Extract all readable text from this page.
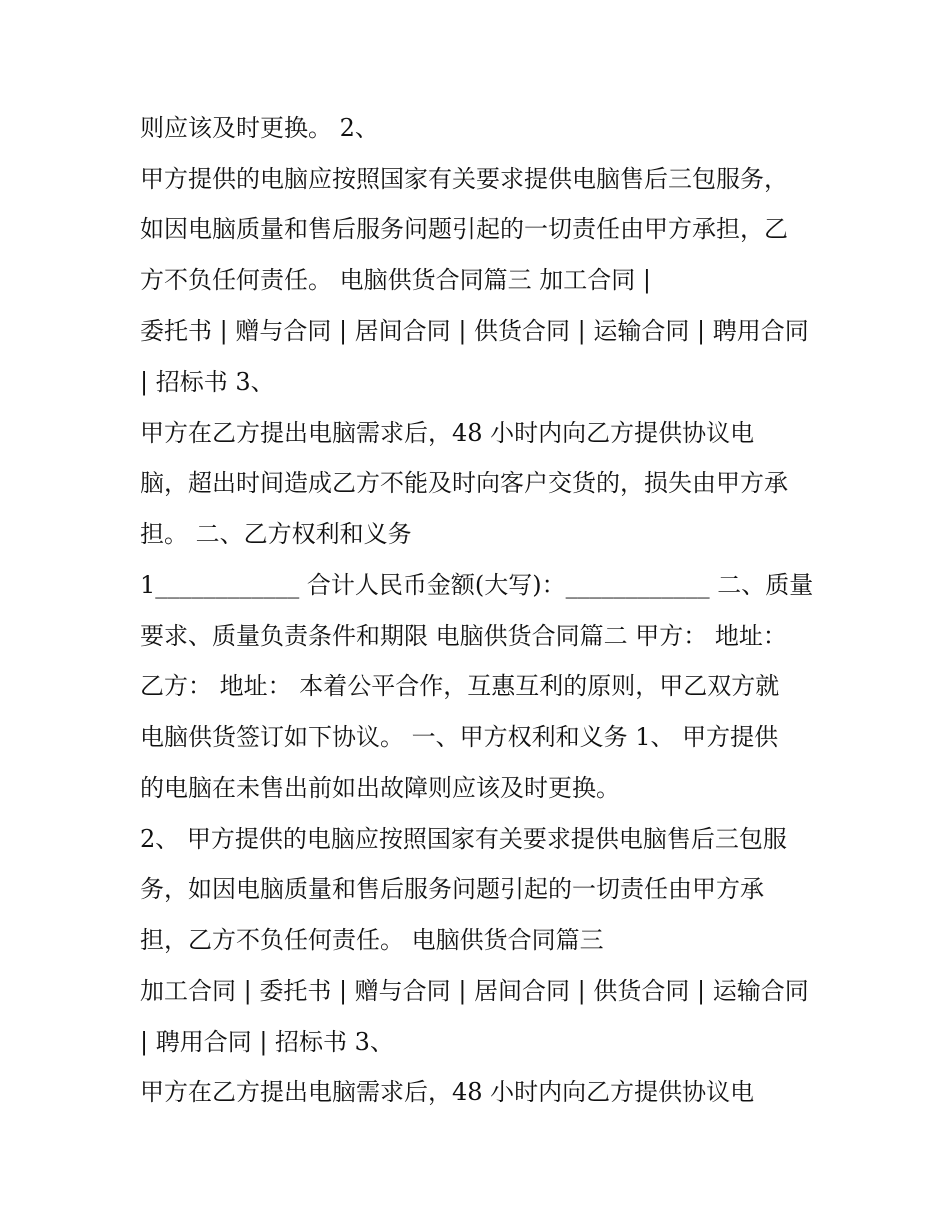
则应该及时更换。 2、

甲方提供的电脑应按照国家有关要求提供电脑售后三包服务，

如因电脑质量和售后服务问题引起的一切责任由甲方承担，乙

方不负任何责任。 电脑供货合同篇三 加工合同 |

委托书 | 赠与合同 | 居间合同 | 供货合同 | 运输合同 | 聘用合同

| 招标书 3、

甲方在乙方提出电脑需求后，48 小时内向乙方提供协议电

脑，超出时间造成乙方不能及时向客户交货的，损失由甲方承

担。 二、乙方权利和义务

1____________ 合计人民币金额(大写)：____________ 二、质量

要求、质量负责条件和期限 电脑供货合同篇二 甲方： 地址：

乙方： 地址： 本着公平合作，互惠互利的原则，甲乙双方就

电脑供货签订如下协议。 一、甲方权利和义务 1、 甲方提供

的电脑在未售出前如出故障则应该及时更换。

2、 甲方提供的电脑应按照国家有关要求提供电脑售后三包服

务，如因电脑质量和售后服务问题引起的一切责任由甲方承

担，乙方不负任何责任。 电脑供货合同篇三

加工合同 | 委托书 | 赠与合同 | 居间合同 | 供货合同 | 运输合同

| 聘用合同 | 招标书 3、

甲方在乙方提出电脑需求后，48 小时内向乙方提供协议电
